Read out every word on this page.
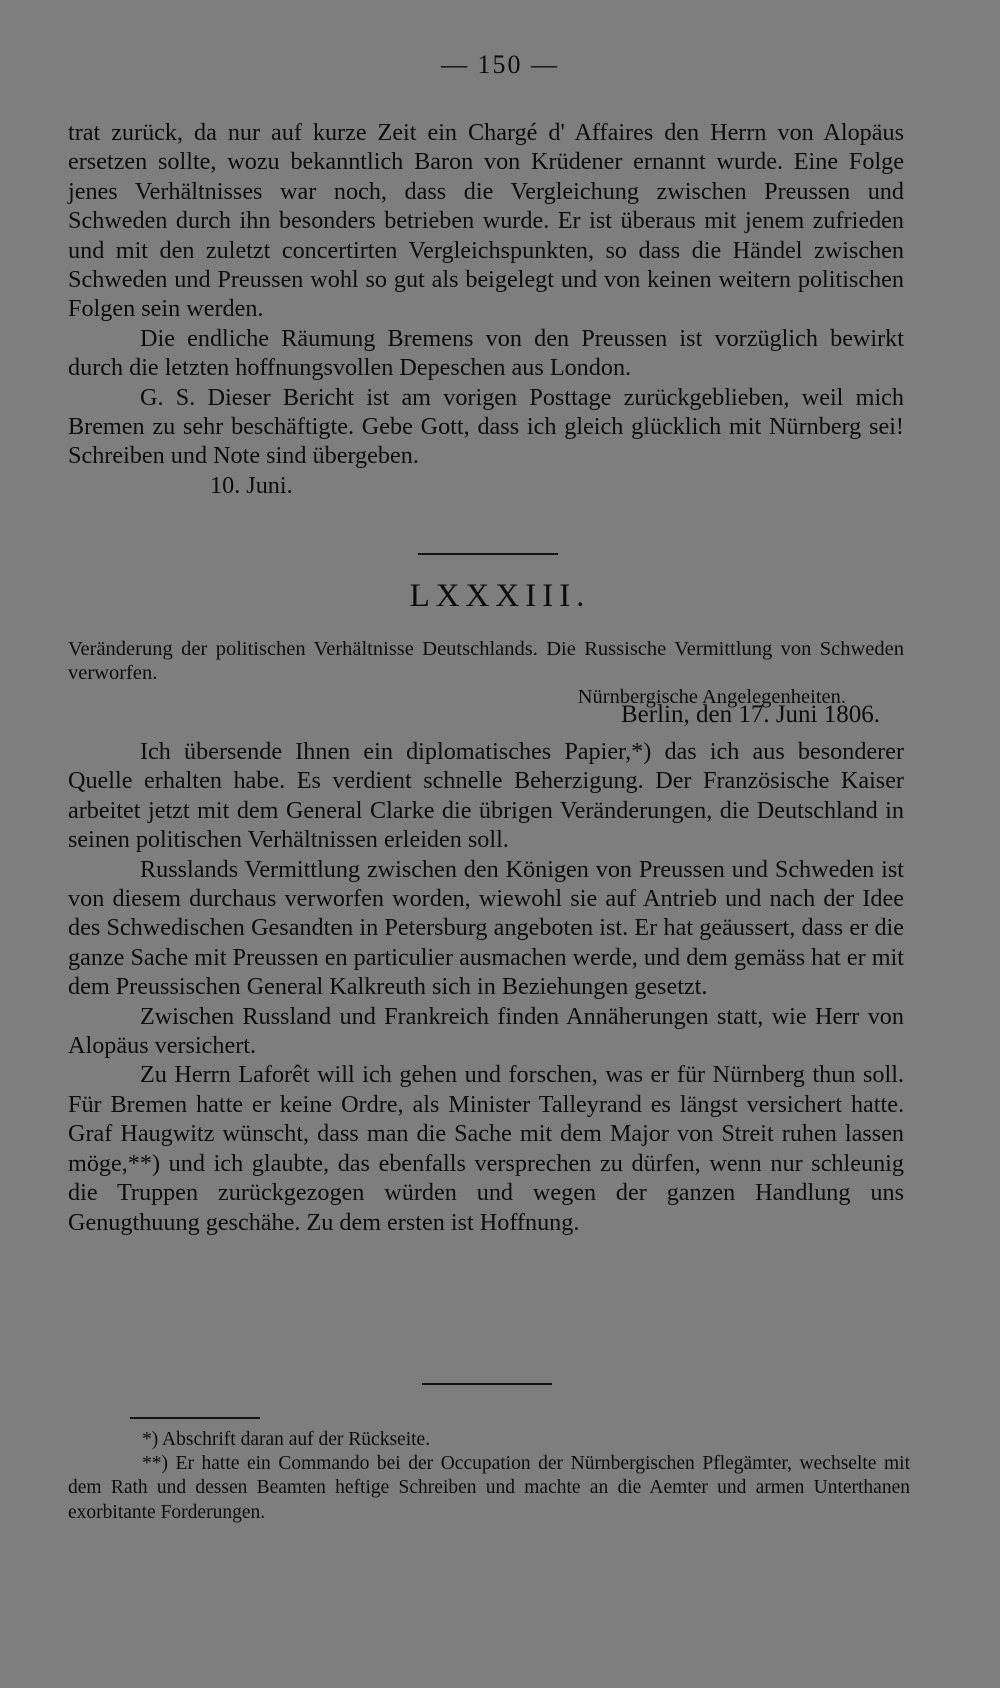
— 150 —

trat zurück, da nur auf kurze Zeit ein Chargé d' Affaires den Herrn von Alopäus ersetzen sollte, wozu bekanntlich Baron von Krüdener ernannt wurde. Eine Folge jenes Verhältnisses war noch, dass die Vergleichung zwischen Preussen und Schweden durch ihn besonders betrieben wurde. Er ist überaus mit jenem zufrieden und mit den zuletzt concertirten Vergleichspunkten, so dass die Händel zwischen Schweden und Preussen wohl so gut als beigelegt und von keinen weitern politischen Folgen sein werden.

Die endliche Räumung Bremens von den Preussen ist vorzüglich bewirkt durch die letzten hoffnungsvollen Depeschen aus London.

G. S. Dieser Bericht ist am vorigen Posttage zurückgeblieben, weil mich Bremen zu sehr beschäftigte. Gebe Gott, dass ich gleich glücklich mit Nürnberg sei! Schreiben und Note sind übergeben.

10. Juni.

LXXXIII.

Veränderung der politischen Verhältnisse Deutschlands. Die Russische Vermittlung von Schweden verworfen.

Nürnbergische Angelegenheiten.

Berlin, den 17. Juni 1806.

Ich übersende Ihnen ein diplomatisches Papier,*) das ich aus besonderer Quelle erhalten habe. Es verdient schnelle Beherzigung. Der Französische Kaiser arbeitet jetzt mit dem General Clarke die übrigen Veränderungen, die Deutschland in seinen politischen Verhältnissen erleiden soll.

Russlands Vermittlung zwischen den Königen von Preussen und Schweden ist von diesem durchaus verworfen worden, wiewohl sie auf Antrieb und nach der Idee des Schwedischen Gesandten in Petersburg angeboten ist. Er hat geäussert, dass er die ganze Sache mit Preussen en particulier ausmachen werde, und dem gemäss hat er mit dem Preussischen General Kalkreuth sich in Beziehungen gesetzt.

Zwischen Russland und Frankreich finden Annäherungen statt, wie Herr von Alopäus versichert.

Zu Herrn Laforêt will ich gehen und forschen, was er für Nürnberg thun soll. Für Bremen hatte er keine Ordre, als Minister Talleyrand es längst versichert hatte. Graf Haugwitz wünscht, dass man die Sache mit dem Major von Streit ruhen lassen möge,**) und ich glaubte, das ebenfalls versprechen zu dürfen, wenn nur schleunig die Truppen zurückgezogen würden und wegen der ganzen Handlung uns Genugthuung geschähe. Zu dem ersten ist Hoffnung.

*) Abschrift daran auf der Rückseite.

**) Er hatte ein Commando bei der Occupation der Nürnbergischen Pflegämter, wechselte mit dem Rath und dessen Beamten heftige Schreiben und machte an die Aemter und armen Unterthanen exorbitante Forderungen.
